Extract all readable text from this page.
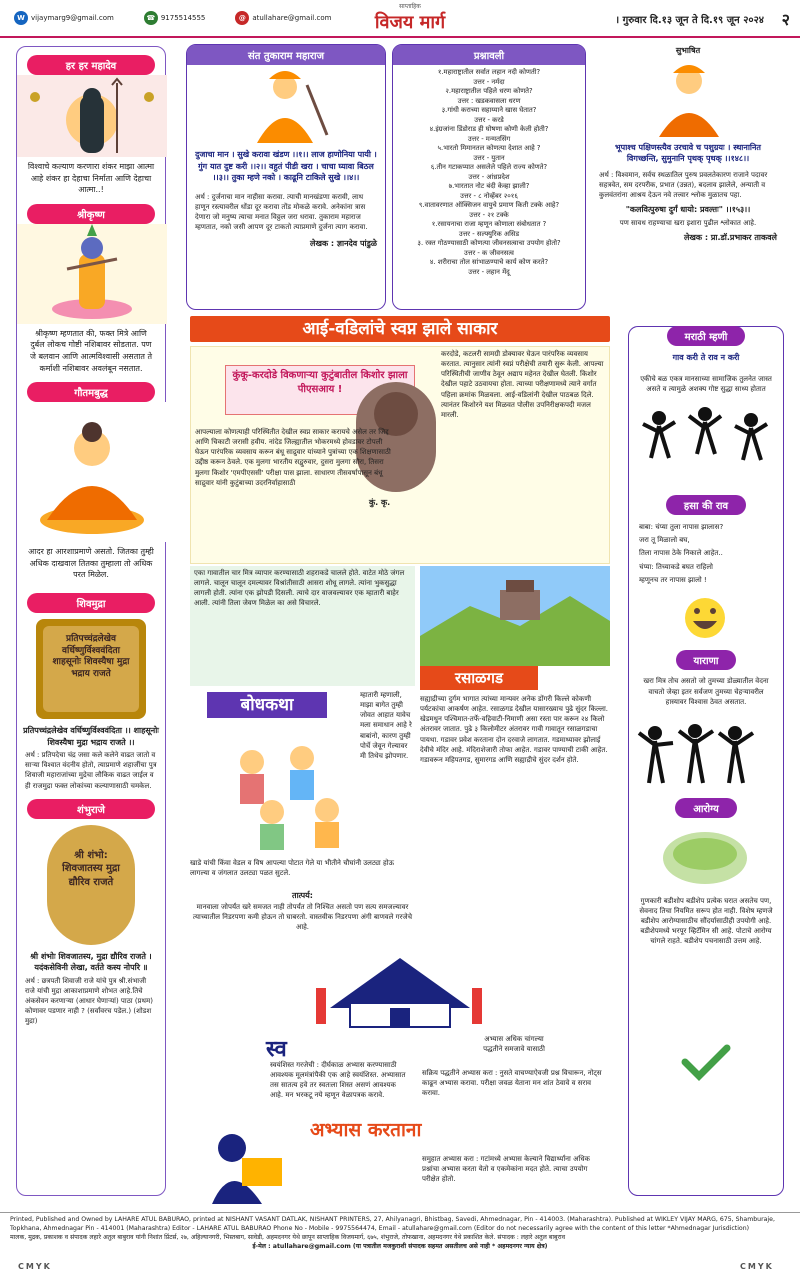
W vijaymarg9@gmail.com	☎ 9175514555	@ atullahare@gmail.com
साप्ताहिक
विजय मार्ग	। गुरुवार दि.१३ जून ते दि.१९ जून २०२४ २
हर हर महादेव
विश्वाचे कल्याण करणारा शंकर माझा आत्मा आहे शंकर हा देहाचा निर्माता आणि देहाचा आत्मा..!
श्रीकृष्ण
श्रीकृष्ण म्हणतात की, फक्त मित्रे आणि दुर्बल लोकच गोष्टी नशिबावर सोडतात. पण जे बलवान आणि आत्मविश्वासी असतात ते कर्माशी नशिबावर अवलंबून नसतात.
गौतमबुद्ध
आदर हा आरशाप्रमाणे असतो. जितका तुम्ही अधिक दाखवाल तितका तुम्हाला तो अधिक परत मिळेल.
शिवमुद्रा
प्रतिपच्चंद्रलेखेव वर्धिष्णुर्विश्ववंदिता शाहसूनोः शिवस्यैषा मुद्रा भद्राय राजते
प्रतिपच्चंद्रलेखेव वर्धिष्णुर्विश्ववंदिता ।। शाहसूनोः शिवस्यैषा मुद्रा भद्राय राजते ।।
अर्थ : प्रतिपदेचा चंद्र जसा कले कलेने वाढत जातो व साऱ्या विश्वात वंदनीय होतो, त्याप्रमाणे शहाजींचा पुत्र शिवाजी महाराजांच्या मुद्रेचा लौकिक वाढत जाईल व ही राजमुद्रा फक्त लोकांच्या कल्याणासाठी चमकेल.
शंभुराजे
श्री शंभो: शिवजातस्य मुद्रा द्यौरिव राजते
श्री शंभोः शिवजातस्य, मुद्रा द्यौरिव राजते । यदंकसेविनी लेखा, वर्तते कस्य नोपरि ॥
अर्थ : छत्रपती शिवाजी राजे यांचे पुत्र श्री.संभाजी राजे यांची मुद्रा आकाशाप्रमाणे शोभत आहे.तिचे अंकसेवन करणाऱ्या (आधार घेणाऱ्यां) पाठा (प्रथम) कोणावर पडणार नाही ? (सर्वांवरच पडेल.) (शोडश मुद्रा)
संत तुकाराम महाराज
दुजाचा मान । सुखे करावा खंडण ।।१।। लाज हाणोनिया पायी । गुंग यात दुष्ट करी ।।२।। वहुतं पीडी खरा । चाचा घ्यावा बिठल ।।३।। तुका म्हणे नको । काढूनि टाकिले सुखे ।।४।।
अर्थ : दुर्जनाचा मान नाहीसा करावा. त्याची मानखंडणा करावी, लाथ हाणून रस्त्यावरील धोंडा दूर करावा तोंड मोकळे करावे. अनेकांना त्रास देणारा जो मनुष्य त्याचा मनात विठ्ठल जरा धरावा. तुकाराम महाराज म्हणतात, नको जसी आपण दूर टाकतो त्याप्रमाणे दुर्जना त्याग करावा.
लेखक : ज्ञानदेव पांडुळे
प्रश्नावली
१.महाराष्ट्रातील सर्वात लहान नदी कोणती?
उत्तर - नर्मदा
२.महाराष्ट्रातील पहिले धरण कोणते?
उत्तर : खडकवासला धरण
३.गांधी कराच्या सहाय्याने खास घेतात?
उत्तर - करडे
४.इंग्रजांना डिंडोराड ही घोषणा कोणी केली होती?
उत्तर - मन्मतसिंग
५.भारतो मिमानतल कोणत्या देशात आहे ?
उत्तर - युतान
६.तीन गटाकप्यात असलेले पहिले राज्य कोणते?
उत्तर - आंध्रप्रदेश
७.भारतात नोट बंदी केव्हा झाली?
उत्तर - ८ नोव्हेंबर २०१६
९.वातावरणात ऑक्सिजन वायुचे प्रमाण किती टक्के आहे?
उत्तर - २१ टक्के
१.रसायनाचा राजा म्हणून कोणाला संबोधतात ?
उत्तर - सल्फ्युरिक असिड
३. रक्त गोठण्यासाठी कोणत्या जीवनसत्वाचा उपयोग होतो?
उत्तर - क जीवनसत्व
४. शरीराचा तोल सांभाळण्याचे कार्य कोण करते?
उत्तर - लहान मेंदू
सुभाषित
भूपाश्च पक्षिणस्त्यैव उरचावे च पशुग्रयः । स्थानानित विगच्छन्ति, सुमुनानि पृथक् पृथक् ।।१४८।।
अर्थ : विश्वमान, सर्वच स्थळातिल पुरुष प्रवलतेकारण राजाने पदावर सहत्रवेत, सम दरपरीक, प्रभात (उन्नत), बदलाव झालेले, अन्याती व कुलवंतरांना आश्रय देऊन नवे तत्त्वार श्लोक मुळातच पहा.
"कलवित्पुरुषा दुर्गं धायो: प्रवल्तः" ।।१५३।।
पण सावध राहण्याचा खरा इशारा पुढील श्लोकात आहे.
लेखक : प्रा.डॉ.प्रभाकर ताकवले
आई-वडिलांचे स्वप्न झाले साकार
कुंकू-करदोडे विकणाऱ्या कुटुंबातील किशोर झाला पीएसआय !
आपल्याला कोणत्याही परिस्थितीत देखील स्वप्न साकार करायचे असेल तर जिद्द आणि चिकाटी जरासी हवीय. नांदेड जिल्ह्यातील भोकरमध्ये होवडावर टोपली घेऊन पारंपरिक व्यवसाय करून बंधू साद्रुवार यांच्याने पुत्रांच्या एक शिक्षणासाठी उद्दीष्ठ करून ठेवले. एक मुलगा भारतीय सद्वुरुवार, दुसरा मुलगा सौरा, तिसरा मुलगा किशोर 'एमपीएससी' परीक्षा पास झाला. साधारण तीसवर्षापासून बंधू साद्रुवार यांनी कुटुंबाच्या उदरनिर्वाहासाठी
करदोडे, कटलरी सामग्री डोक्यावर घेऊन पारंपरिक व्यवसाय करतात. त्यानुसार त्यांनी स्वप्नं परीक्षेची तयारी सुरू केली. आपल्या परिस्थितीची जाणीव ठेवून अद्याप महेनत देखील घेतली. किशोर देखील पहाटे उठवायचा होता. त्याच्या परीक्षणामध्ये त्याने वर्गात पहिला क्रमांक मिळवला. आई-वडिलांनी देखील पाठबळ दिले. त्यानंतर किशोरने यश मिळवत पोलीस उपनिरीक्षकपदी मजल मारली.
कुं. कृ.
एका गावातील चार मित्र व्यापार करण्यासाठी शहराकडे चालले होते. वाटेत मोठे जंगल लागले. चालून चालून दमल्यावर विश्रांतीसाठी आसरा शोधू लागले. त्यांना भुकसुद्धा लागली होती. त्यांना एक झोपडी दिसली. त्याचे दार वाजवल्यावर एक म्हातारी बाहेर आली. त्यांनी तिला जेवण मिळेल का असे विचारले.
बोधकथा	म्हातारी म्हणाली, माझा बागेत तुम्ही जोवत आहात यावेच मला समाधान आहे रे बाबांनो, कारण तुम्ही पोर्चे जेवून गेल्यावर मी तिथेच झोपणार.
खाडे यांची किंवा वेडल व विष आपल्या पोटात गेले या भीतीने चौघांनी उलट्या होऊ लागल्या व जंगलात उलट्या पळत सुटले.
तात्पर्य:
मानवाला जोपर्यंत खरे समजत नाही तोपर्यंत तो निश्चित असतो पण सत्य समजल्यावर त्याच्यातील निडरपणा कमी होऊन तो घाबरतो. वास्तवीक निडरपणा अंगी बाणवले गरजेचे आहे.
रसाळगड
सह्याद्रीच्या दुर्गम भागात त्यांच्या मान्यवर अनेक डोंगरी किल्ले कोकणी पर्यटकांचा आकर्षण आहेत. रसाळगड देखील यासारख्याच पुढे सुंदर किल्ला. खेडमधुन पश्चिमात-तर्फे-वहिवाटी-निमाणी असा रस्ता पार करून २४ किलो अंतरावर जातात. पुढे ३ किलोमीटर अंतरावर गावी गावातून रसाळगडाचा पायथा. गडावर प्रवेश करताना दोन दरवाजे लागतात. गडमाथ्यावर झोलाई देवीचे मंदिर आहे. मंदिराशेजारी तोफा आहेत. गडावर पाण्याची टाकी आहेत. गडावरून महिपतगड, सुमारगड आणि सह्याद्रीचे सुंदर दर्शन होते.
स्व
अभ्यास करताना
अभ्यास अधिक चांगल्या पद्धतीने समजावे यासाठी
स्वयंशिस्त गरजेची : दीर्घकाळ अभ्यास करण्यासाठी आवश्यक मूलमंत्रांपैकी एक आहे स्वयंशिस्त. अभ्यासात तस सातत्य हवे तर स्वतःला शिस्त असणं आवश्यक आहे. मन भरकटू नये म्हणून वेळापत्रक करावे.
सक्रिय पद्धतीने अभ्यास करा : नुसते वाचण्याऐवजी प्रश्न विचारून, नोट्स काढून अभ्यास करावा. परीक्षा जवळ येताना मन शांत ठेवावे व सराव करावा.
समुहात अभ्यास करा : गटांमध्ये अभ्यास केल्याने विद्यार्थ्यांना अधिक प्रश्नांचा अभ्यास करता येतो व एकमेकांना मदत होते. त्याचा उपयोग परीक्षेत होतो.
मराठी म्हणी
गाव करी ते राव न करी
एकीचे बळ एकत्र मानसाच्या सामाजिक तुलनेत जास्त असते व त्यामुळे अशक्य गोष्ट सुद्धा साध्य होतात
हसा की राव
बाबा: चंप्या तुला नापास झालास?
जरा तू मिळालो बघ,
तिला नापास ठेके निकाले आहेत..
चंप्या: तिच्याकडे बघत राहिलो
म्हणूनच तर नापास झालो !
याराणा
खरा मित्र तोच असतो जो तुमच्या डोळ्यातील वेदना वाचतो जेव्हा इतर सर्वजण तुमच्या चेहऱ्यावरील हास्यावर विश्वास ठेवत असतात.
आरोग्य
गुणकारी बडीशोप बडीशेप प्रत्येक घरात असतेच पण, सेवनाद तिचा नियमित सरूप होत नाही. विशेष म्हणजे बडीशेप आरोग्यासाठीच सौंदर्यासाठीही उपयोगी आहे. बडीशेपमध्ये भरपूर व्हिटॅमिन सी आहे. पोटाचे आरोग्य चांगले राहते. बडीशेप पचनासाठी उत्तम आहे.
Printed, Published and Owned by LAHARE ATUL BABURAO, printed at NISHANT VASANT DATLAK, NISHANT PRINTERS, 27, Ahilyanagri, Bhistbag, Savedi, Ahmednagar, Pin - 414003. (Maharashtra). Published at WIKLEY VIJAY MARG, 675, Shamburaje, Topkhana, Ahmednagar Pin - 414001 (Maharashtra) Editor - LAHARE ATUL BABURAO Phone No - Mobile - 9975564474, Email - atullahare@gmail.com (Editor do not necessarily agree with the content of this letter *Ahmednagar Jurisdiction)
मालक, मुद्रक, प्रकाशक व संपादक लहारे अतुल बाबुराव यांनी निशांत प्रिंटर्स, २७, अहिल्यानगरी, भिस्तबाग, सावेडी, अहमदनगर येथे छापून साप्ताहिक विजयमार्ग, ६७५, शंभुराजे, तोफखाना, अहमदनगर येथे प्रकाशित केले. संपादक : लहारे अतुल बाबुराव
ई-मेल : atullahare@gmail.com (या पत्रातील मजकुराशी संपादक सहमत असतीलच असे नाही * अहमदनगर न्याय क्षेत्र)
CMYK	CMYK
